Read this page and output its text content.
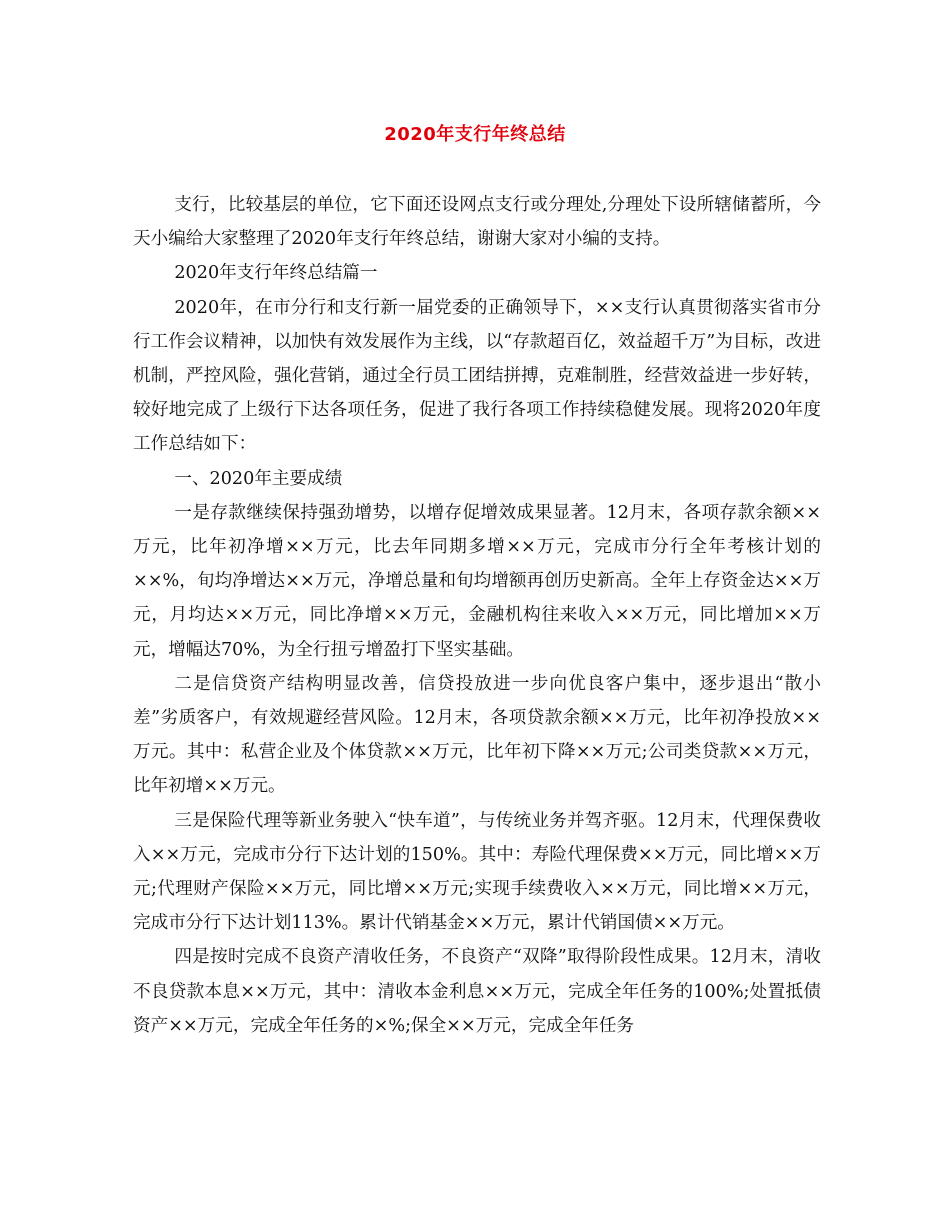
2020年支行年终总结

支行，比较基层的单位，它下面还设网点支行或分理处,分理处下设所辖储蓄所，今天小编给大家整理了2020年支行年终总结，谢谢大家对小编的支持。

2020年支行年终总结篇一

2020年，在市分行和支行新一届党委的正确领导下，××支行认真贯彻落实省市分行工作会议精神，以加快有效发展作为主线，以“存款超百亿，效益超千万”为目标，改进机制，严控风险，强化营销，通过全行员工团结拼搏，克难制胜，经营效益进一步好转，较好地完成了上级行下达各项任务，促进了我行各项工作持续稳健发展。现将2020年度工作总结如下：

一、2020年主要成绩

一是存款继续保持强劲增势，以增存促增效成果显著。12月末，各项存款余额××万元，比年初净增××万元，比去年同期多增××万元，完成市分行全年考核计划的××%，旬均净增达××万元，净增总量和旬均增额再创历史新高。全年上存资金达××万元，月均达××万元，同比净增××万元，金融机构往来收入××万元，同比增加××万元，增幅达70%，为全行扭亏增盈打下坚实基础。

二是信贷资产结构明显改善，信贷投放进一步向优良客户集中，逐步退出“散小差”劣质客户，有效规避经营风险。12月末，各项贷款余额××万元，比年初净投放××万元。其中：私营企业及个体贷款××万元，比年初下降××万元;公司类贷款××万元，比年初增××万元。

三是保险代理等新业务驶入“快车道”，与传统业务并驾齐驱。12月末，代理保费收入××万元，完成市分行下达计划的150%。其中：寿险代理保费××万元，同比增××万元;代理财产保险××万元，同比增××万元;实现手续费收入××万元，同比增××万元，完成市分行下达计划113%。累计代销基金××万元，累计代销国债××万元。

四是按时完成不良资产清收任务，不良资产“双降”取得阶段性成果。12月末，清收不良贷款本息××万元，其中：清收本金利息××万元，完成全年任务的100%;处置抵债资产××万元，完成全年任务的×%;保全××万元，完成全年任务
